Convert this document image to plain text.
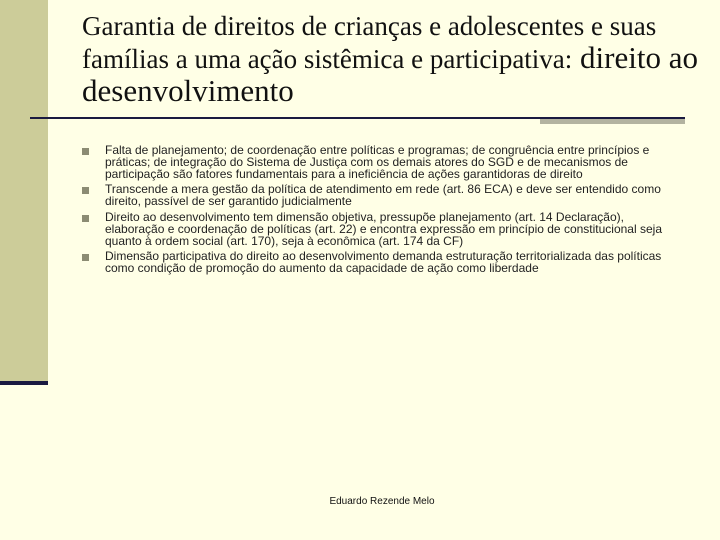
Garantia de direitos de crianças e adolescentes e suas famílias a uma ação sistêmica e participativa: direito ao desenvolvimento
Falta de planejamento; de coordenação entre políticas e programas; de congruência entre princípios e práticas; de integração do Sistema de Justiça com os demais atores do SGD e de mecanismos de participação são fatores fundamentais para a ineficiência de ações garantidoras de direito
Transcende a mera gestão da política de atendimento em rede (art. 86 ECA) e deve ser entendido como direito, passível de ser garantido judicialmente
Direito ao desenvolvimento tem dimensão objetiva, pressupõe planejamento (art. 14 Declaração), elaboração e coordenação de políticas (art. 22) e encontra expressão em princípio de constitucional seja quanto à ordem social (art. 170), seja à econômica (art. 174 da CF)
Dimensão participativa do direito ao desenvolvimento demanda estruturação territorializada das políticas como condição de promoção do aumento da capacidade de ação como liberdade
Eduardo Rezende Melo
